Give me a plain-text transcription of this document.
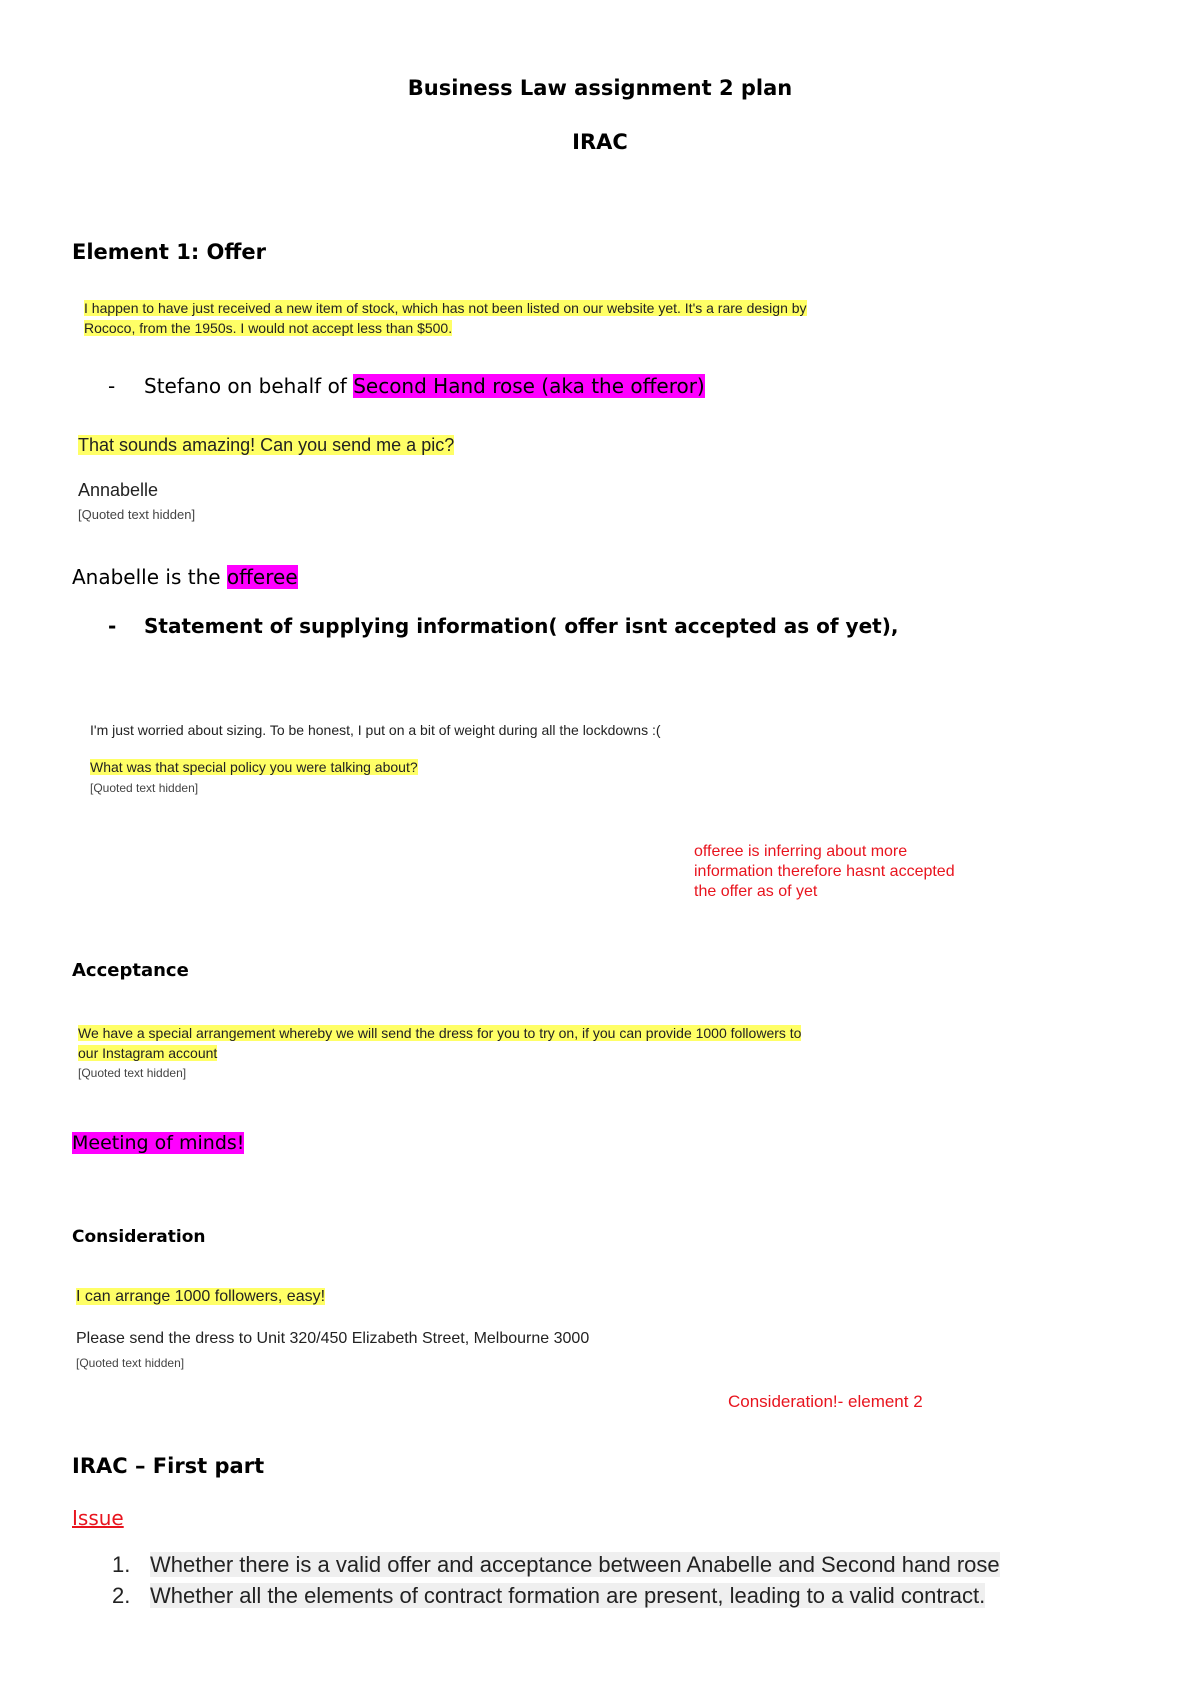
Business Law assignment 2 plan
IRAC
Element 1: Offer
I happen to have just received a new item of stock, which has not been listed on our website yet. It's a rare design by
Rococo, from the 1950s. I would not accept less than $500.
- Stefano on behalf of Second Hand rose (aka the offeror)
That sounds amazing! Can you send me a pic?
Annabelle
[Quoted text hidden]
Anabelle is the offeree
- Statement of supplying information( offer isnt accepted as of yet),
I'm just worried about sizing. To be honest, I put on a bit of weight during all the lockdowns :(
What was that special policy you were talking about?
[Quoted text hidden]
offeree is inferring about more
information therefore hasnt accepted
the offer as of yet
Acceptance
We have a special arrangement whereby we will send the dress for you to try on, if you can provide 1000 followers to
our Instagram account
[Quoted text hidden]
Meeting of minds!
Consideration
I can arrange 1000 followers, easy!
Please send the dress to Unit 320/450 Elizabeth Street, Melbourne 3000
[Quoted text hidden]
Consideration!- element 2
IRAC – First part
Issue
1. Whether there is a valid offer and acceptance between Anabelle and Second hand rose
2. Whether all the elements of contract formation are present, leading to a valid contract.
